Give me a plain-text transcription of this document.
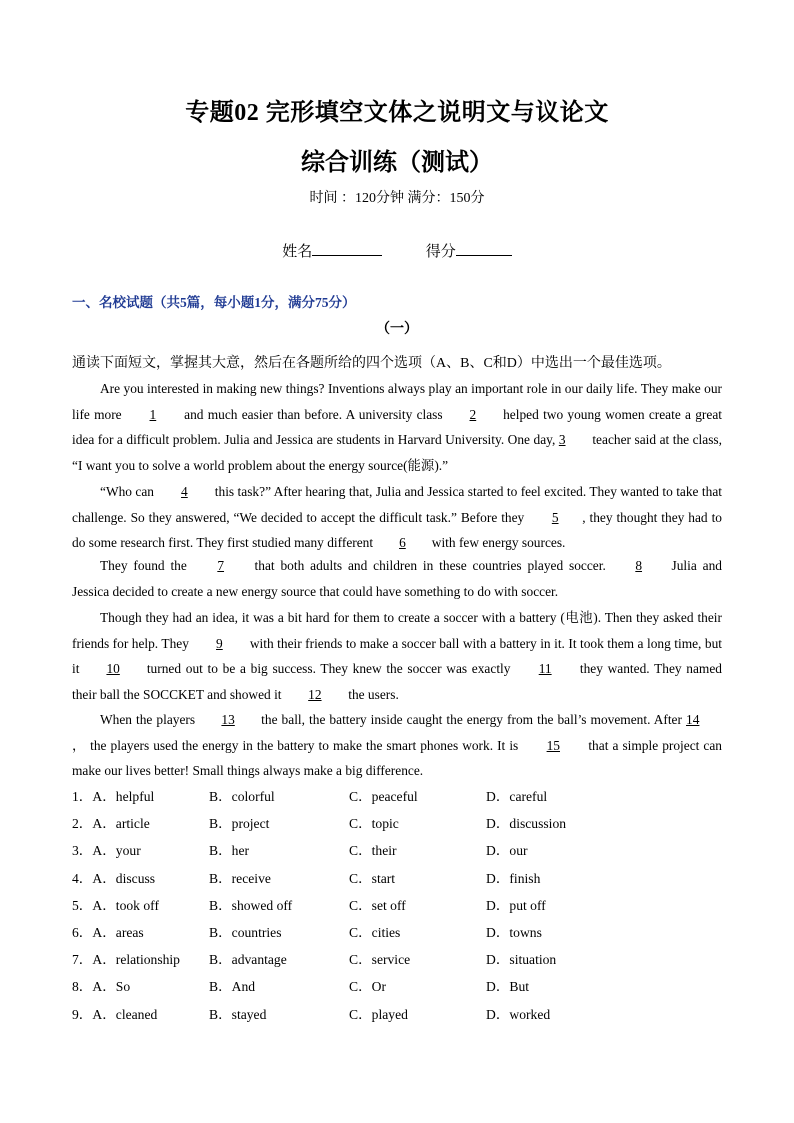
专题02 完形填空文体之说明文与议论文
综合训练（测试）
时间 ：120分钟 满分：150分
姓名	得分
一、名校试题（共5篇，每小题1分，满分75分）
（一）
通读下面短文，掌握其大意，然后在各题所给的四个选项（A、B、C和D）中选出一个最佳选项。

Are you interested in making new things? Inventions always play an important role in our daily life. They make our life more 1 and much easier than before. A university class 2 helped two young women create a great idea for a difficult problem. Julia and Jessica are students in Harvard University. One day, 3 teacher said at the class, “I want you to solve a world problem about the energy source(能源).”

“Who can 4 this task?” After hearing that, Julia and Jessica started to feel excited. They wanted to take that challenge. So they answered, “We decided to accept the difficult task.” Before they 5 , they thought they had to do some research first. They first studied many different 6 with few energy sources.

They found the 7 that both adults and children in these countries played soccer. 8 Julia and Jessica decided to create a new energy source that could have something to do with soccer.

Though they had an idea, it was a bit hard for them to create a soccer with a battery (电池). Then they asked their friends for help. They 9 with their friends to make a soccer ball with a battery in it. It took them a long time, but it 10 turned out to be a big success. They knew the soccer was exactly 11 they wanted. They named their ball the SOCCKET and showed it 12 the users.

When the players 13 the ball, the battery inside caught the energy from the ball’s movement. After 14， the players used the energy in the battery to make the smart phones work. It is 15 that a simple project can make our lives better! Small things always make a big difference.

1．A．helpful	B．colorful	C．peaceful	D．careful
2．A．article	B．project	C．topic	D．discussion
3．A．your	B．her	C．their	D．our
4．A．discuss	B．receive	C．start	D．finish
5．A．took off	B．showed off	C．set off	D．put off
6．A．areas	B．countries	C．cities	D．towns
7．A．relationship B．advantage	C．service	D．situation
8．A．So	B．And	C．Or	D．But
9．A．cleaned	B．stayed	C．played	D．worked
